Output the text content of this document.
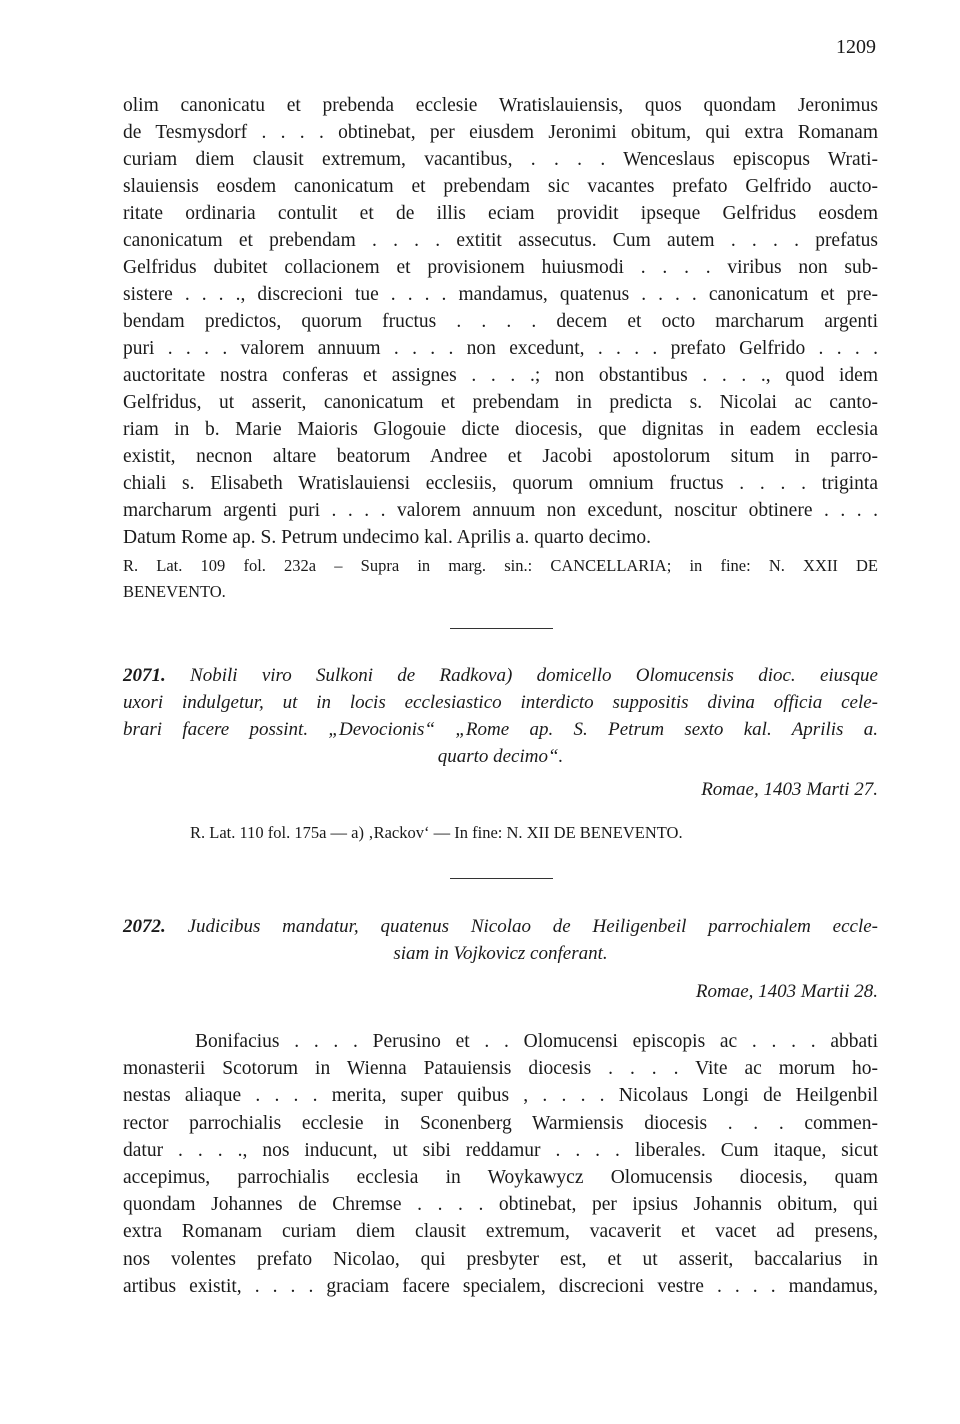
1209
olim canonicatu et prebenda ecclesie Wratislauiensis, quos quondam Jeronimus
de Tesmysdorf . . . . obtinebat, per eiusdem Jeronimi obitum, qui extra Romanam
curiam diem clausit extremum, vacantibus, . . . . Wenceslaus episcopus Wrati-
slauiensis eosdem canonicatum et prebendam sic vacantes prefato Gelfrido aucto-
ritate ordinaria contulit et de illis eciam providit ipseque Gelfridus eosdem
canonicatum et prebendam . . . . extitit assecutus. Cum autem . . . . prefatus
Gelfridus dubitet collacionem et provisionem huiusmodi . . . . viribus non sub-
sistere . . . ., discrecioni tue . . . . mandamus, quatenus . . . . canonicatum et pre-
bendam predictos, quorum fructus . . . . decem et octo marcharum argenti
puri . . . . valorem annuum . . . . non excedunt, . . . . prefato Gelfrido . . . .
auctoritate nostra conferas et assignes . . . .; non obstantibus . . . ., quod idem
Gelfridus, ut asserit, canonicatum et prebendam in predicta s. Nicolai ac canto-
riam in b. Marie Maioris Glogouie dicte diocesis, que dignitas in eadem ecclesia
existit, necnon altare beatorum Andree et Jacobi apostolorum situm in parro-
chiali s. Elisabeth Wratislauiensi ecclesiis, quorum omnium fructus . . . . triginta
marcharum argenti puri . . . . valorem annuum non excedunt, noscitur obtinere . . . .
Datum Rome ap. S. Petrum undecimo kal. Aprilis a. quarto decimo.
R. Lat. 109 fol. 232a – Supra in marg. sin.: CANCELLARIA; in fine: N. XXII DE
BENEVENTO.
2071. Nobili viro Sulkoni de Radkova) domicello Olomucensis dioc. eiusque
uxori indulgetur, ut in locis ecclesiastico interdicto suppositis divina officia cele-
brari facere possint. „Devocionis“ „Rome ap. S. Petrum sexto kal. Aprilis a.
quarto decimo“.
Romae, 1403 Marti 27.
R. Lat. 110 fol. 175a — a) ‚Rackov‘ — In fine: N. XII DE BENEVENTO.
2072. Judicibus mandatur, quatenus Nicolao de Heiligenbeil parrochialem eccle-
siam in Vojkovicz conferant.
Romae, 1403 Martii 28.
Bonifacius . . . . Perusino et . . Olomucensi episcopis ac . . . . abbati
monasterii Scotorum in Wienna Patauiensis diocesis . . . . Vite ac morum ho-
nestas aliaque . . . . merita, super quibus , . . . . Nicolaus Longi de Heilgenbil
rector parrochialis ecclesie in Sconenberg Warmiensis diocesis . . . commen-
datur . . . ., nos inducunt, ut sibi reddamur . . . . liberales. Cum itaque, sicut
accepimus, parrochialis ecclesia in Woykawycz Olomucensis diocesis, quam
quondam Johannes de Chremse . . . . obtinebat, per ipsius Johannis obitum, qui
extra Romanam curiam diem clausit extremum, vacaverit et vacet ad presens,
nos volentes prefato Nicolao, qui presbyter est, et ut asserit, baccalarius in
artibus existit, . . . . graciam facere specialem, discrecioni vestre . . . . mandamus,
